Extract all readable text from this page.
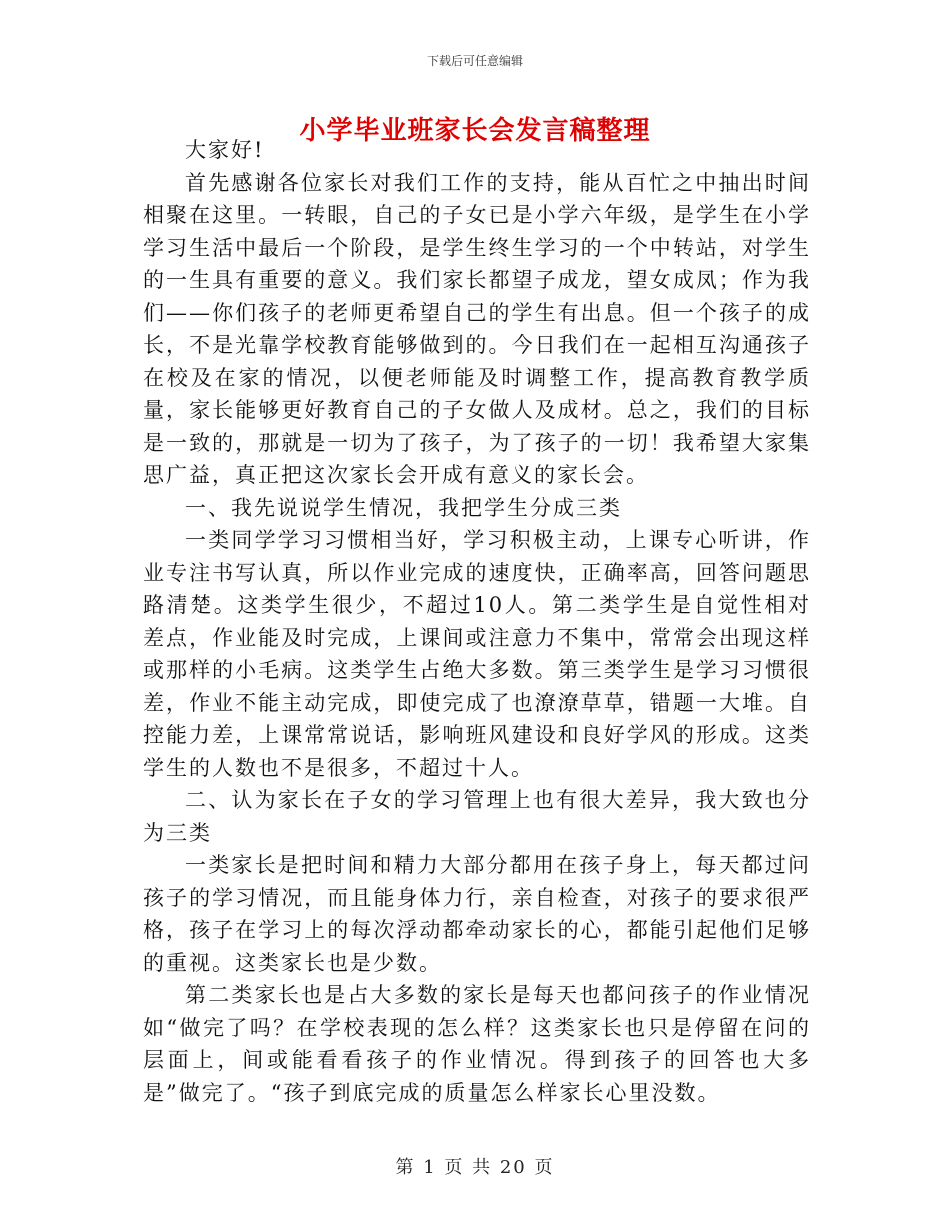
下载后可任意编辑
小学毕业班家长会发言稿整理

大家好!

首先感谢各位家长对我们工作的支持，能从百忙之中抽出时间相聚在这里。一转眼，自己的子女已是小学六年级，是学生在小学学习生活中最后一个阶段，是学生终生学习的一个中转站，对学生的一生具有重要的意义。我们家长都望子成龙，望女成凤；作为我们——你们孩子的老师更希望自己的学生有出息。但一个孩子的成长，不是光靠学校教育能够做到的。今日我们在一起相互沟通孩子在校及在家的情况，以便老师能及时调整工作，提高教育教学质量，家长能够更好教育自己的子女做人及成材。总之，我们的目标是一致的，那就是一切为了孩子，为了孩子的一切！我希望大家集思广益，真正把这次家长会开成有意义的家长会。

一、我先说说学生情况，我把学生分成三类

一类同学学习习惯相当好，学习积极主动，上课专心听讲，作业专注书写认真，所以作业完成的速度快，正确率高，回答问题思路清楚。这类学生很少，不超过10人。第二类学生是自觉性相对差点，作业能及时完成，上课间或注意力不集中，常常会出现这样或那样的小毛病。这类学生占绝大多数。第三类学生是学习习惯很差，作业不能主动完成，即使完成了也潦潦草草，错题一大堆。自控能力差，上课常常说话，影响班风建设和良好学风的形成。这类学生的人数也不是很多，不超过十人。

二、认为家长在子女的学习管理上也有很大差异，我大致也分为三类

一类家长是把时间和精力大部分都用在孩子身上，每天都过问孩子的学习情况，而且能身体力行，亲自检查，对孩子的要求很严格，孩子在学习上的每次浮动都牵动家长的心，都能引起他们足够的重视。这类家长也是少数。

第二类家长也是占大多数的家长是每天也都问孩子的作业情况如“做完了吗？在学校表现的怎么样？这类家长也只是停留在问的层面上，间或能看看孩子的作业情况。得到孩子的回答也大多是”做完了。“孩子到底完成的质量怎么样家长心里没数。

第 1 页 共 20 页
